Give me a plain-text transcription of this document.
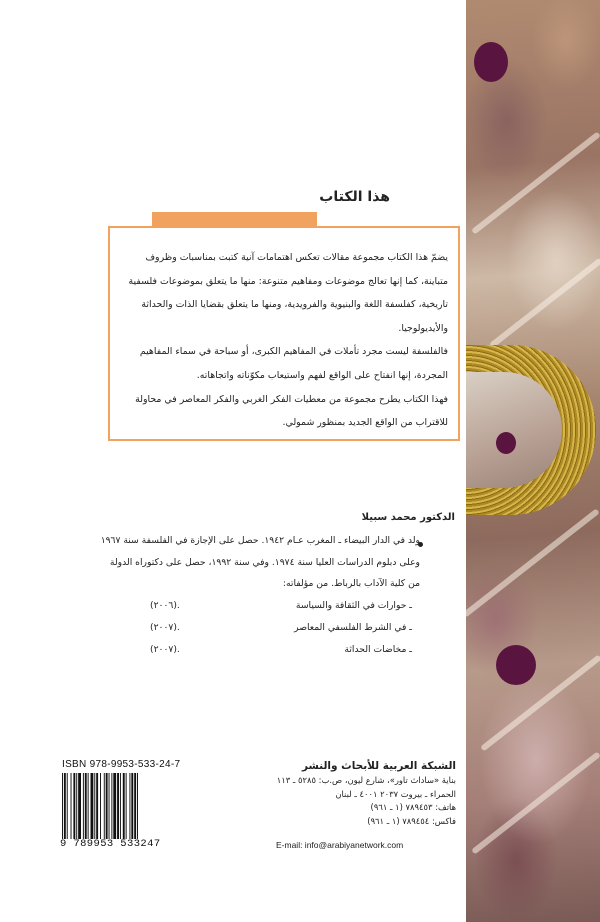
هذا الكتاب

يضمّ هذا الكتاب مجموعة مقالات تعكس اهتمامات آنية كتبت بمناسبات وظروف متباينة، كما إنها تعالج موضوعات ومفاهيم متنوعة: منها ما يتعلق بموضوعات فلسفية تاريخية، كفلسفة اللغة والبنيوية والفرويدية، ومنها ما يتعلق بقضايا الذات والحداثة والأيديولوجيا.

فالفلسفة ليست مجرد تأملات في المفاهيم الكبرى، أو سباحة في سماء المفاهيم المجردة، إنها انفتاح على الواقع لفهم واستيعاب مكوّناته واتجاهاته.

فهذا الكتاب يطرح مجموعة من معطيات الفكر الغربي والفكر المعاصر في محاولة للاقتراب من الواقع الجديد بمنظور شمولي.

الدكتور محمد سبيلا

ولد في الدار البيضاء ـ المغرب عـام ١٩٤٢. حصل على الإجازة في الفلسفة سنة ١٩٦٧ وعلى دبلوم الدراسات العليا سنة ١٩٧٤. وفي سنة ١٩٩٢، حصل على دكتوراه الدولة من كلية الآداب بالرباط. من مؤلفاته:

ـ حوارات في الثقافة والسياسة
(٢٠٠٦).
ـ في الشرط الفلسفي المعاصر
(٢٠٠٧).
ـ مخاضات الحداثة
(٢٠٠٧).
ISBN 978-9953-533-24-7
9 789953 533247
الشبكة العربية للأبحاث والنشر
بناية «ساداث تاور»، شارع ليون، ص.ب: ٥٢٨٥ ـ ١١٣
الحمراء ـ بيروت ٢٠٣٧ ٤٠٠١ ـ لبنان
هاتف: ٧٨٩٤٥٣ (١ ـ ٩٦١)
فاكس: ٧٨٩٤٥٤ (١ ـ ٩٦١)
E-mail: info@arabiyanetwork.com
